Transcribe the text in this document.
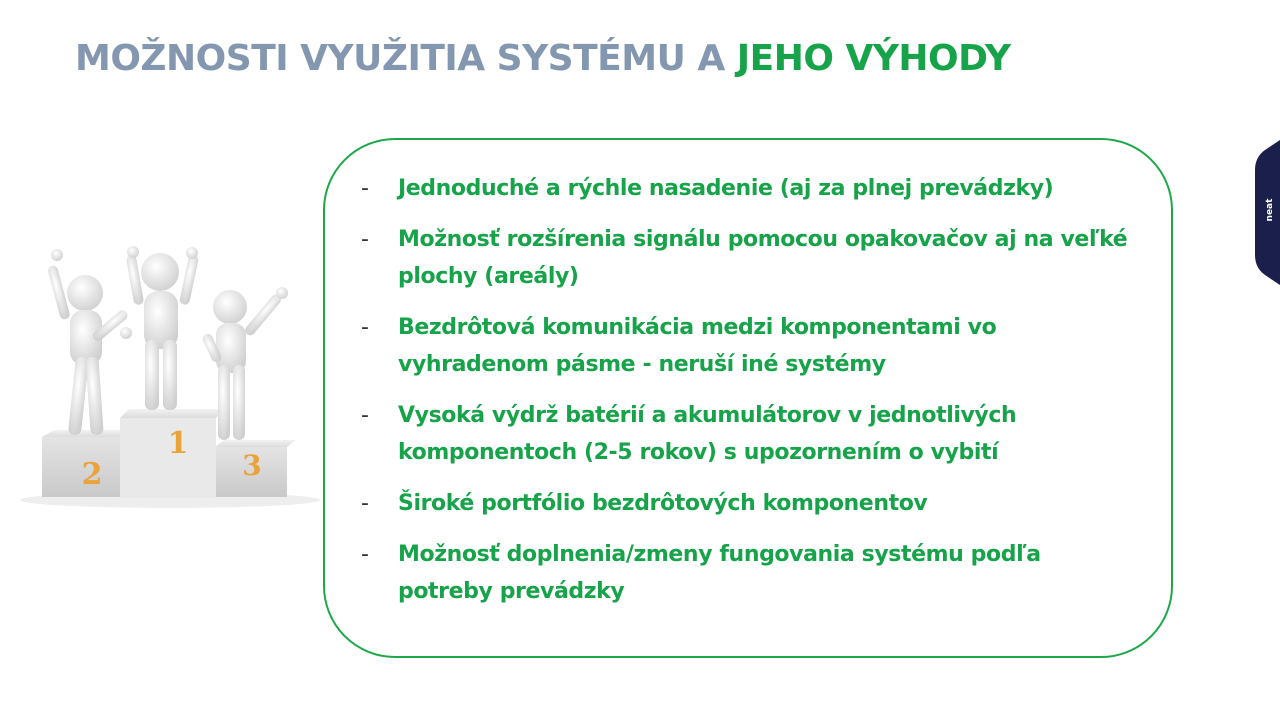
MOŽNOSTI VYUŽITIA SYSTÉMU A JEHO VÝHODY
1
2	3
- Jednoduché a rýchle nasadenie (aj za plnej prevádzky)
- Možnosť rozšírenia signálu pomocou opakovačov aj na veľké plochy (areály)
- Bezdrôtová komunikácia medzi komponentami vo vyhradenom pásme - neruší iné systémy
- Vysoká výdrž batérií a akumulátorov v jednotlivých komponentoch (2-5 rokov) s upozornením o vybití
- Široké portfólio bezdrôtových komponentov
- Možnosť doplnenia/zmeny fungovania systému podľa potreby prevádzky
neat
